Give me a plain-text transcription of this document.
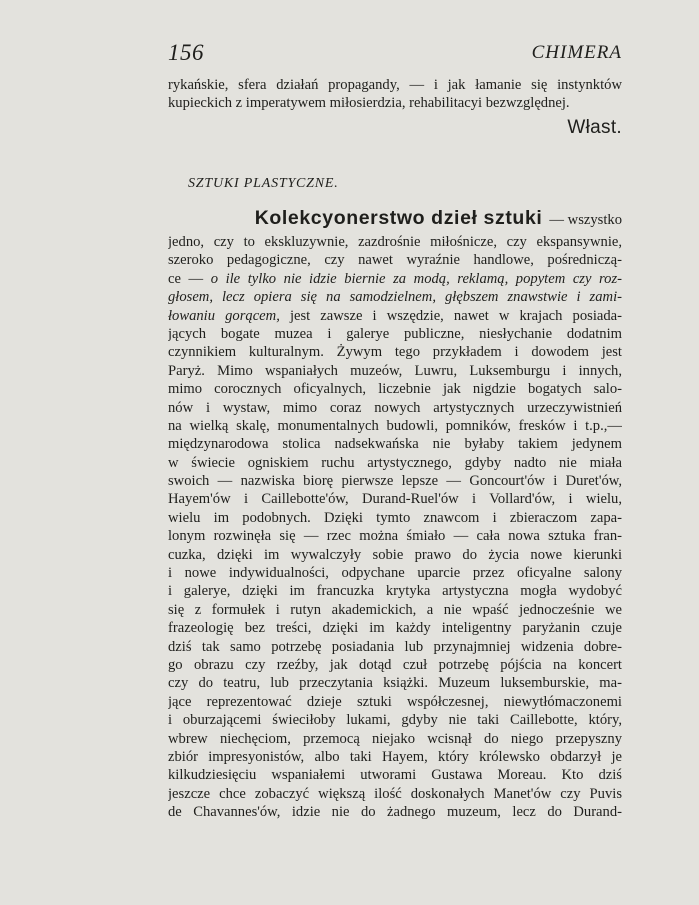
156	CHIMERA
rykańskie, sfera działań propagandy, — i jak łamanie się instynktów
kupieckich z imperatywem miłosierdzia, rehabilitacyi bezwzględnej.
Włast.
SZTUKI PLASTYCZNE.
Kolekcyonerstwo dzieł sztuki — wszystko
jedno, czy to ekskluzywnie, zazdrośnie miłośnicze, czy ekspansywnie,
szeroko pedagogiczne, czy nawet wyraźnie handlowe, pośredniczą-
ce — o ile tylko nie idzie biernie za modą, reklamą, popytem czy roz-
głosem, lecz opiera się na samodzielnem, głębszem znawstwie i zami-
łowaniu gorącem, jest zawsze i wszędzie, nawet w krajach posiada-
jących bogate muzea i galerye publiczne, niesłychanie dodatnim
czynnikiem kulturalnym. Żywym tego przykładem i dowodem jest
Paryż. Mimo wspaniałych muzeów, Luwru, Luksemburgu i innych,
mimo corocznych oficyalnych, liczebnie jak nigdzie bogatych salo-
nów i wystaw, mimo coraz nowych artystycznych urzeczywistnień
na wielką skalę, monumentalnych budowli, pomników, fresków i t.p.,—
międzynarodowa stolica nadsekwańska nie byłaby takiem jedynem
w świecie ogniskiem ruchu artystycznego, gdyby nadto nie miała
swoich — nazwiska biorę pierwsze lepsze — Goncourt'ów i Duret'ów,
Hayem'ów i Caillebotte'ów, Durand-Ruel'ów i Vollard'ów, i wielu,
wielu im podobnych. Dzięki tymto znawcom i zbieraczom zapa-
lonym rozwinęła się — rzec można śmiało — cała nowa sztuka fran-
cuzka, dzięki im wywalczyły sobie prawo do życia nowe kierunki
i nowe indywidualności, odpychane uparcie przez oficyalne salony
i galerye, dzięki im francuzka krytyka artystyczna mogła wydobyć
się z formułek i rutyn akademickich, a nie wpaść jednocześnie we
frazeologię bez treści, dzięki im każdy inteligentny paryżanin czuje
dziś tak samo potrzebę posiadania lub przynajmniej widzenia dobre-
go obrazu czy rzeźby, jak dotąd czuł potrzebę pójścia na koncert
czy do teatru, lub przeczytania książki. Muzeum luksemburskie, ma-
jące reprezentować dzieje sztuki współczesnej, niewytłómaczonemi
i oburzającemi świeciłoby lukami, gdyby nie taki Caillebotte, który,
wbrew niechęciom, przemocą niejako wcisnął do niego przepyszny
zbiór impresyonistów, albo taki Hayem, który królewsko obdarzył je
kilkudziesięciu wspaniałemi utworami Gustawa Moreau. Kto dziś
jeszcze chce zobaczyć większą ilość doskonałych Manet'ów czy Puvis
de Chavannes'ów, idzie nie do żadnego muzeum, lecz do Durand-
